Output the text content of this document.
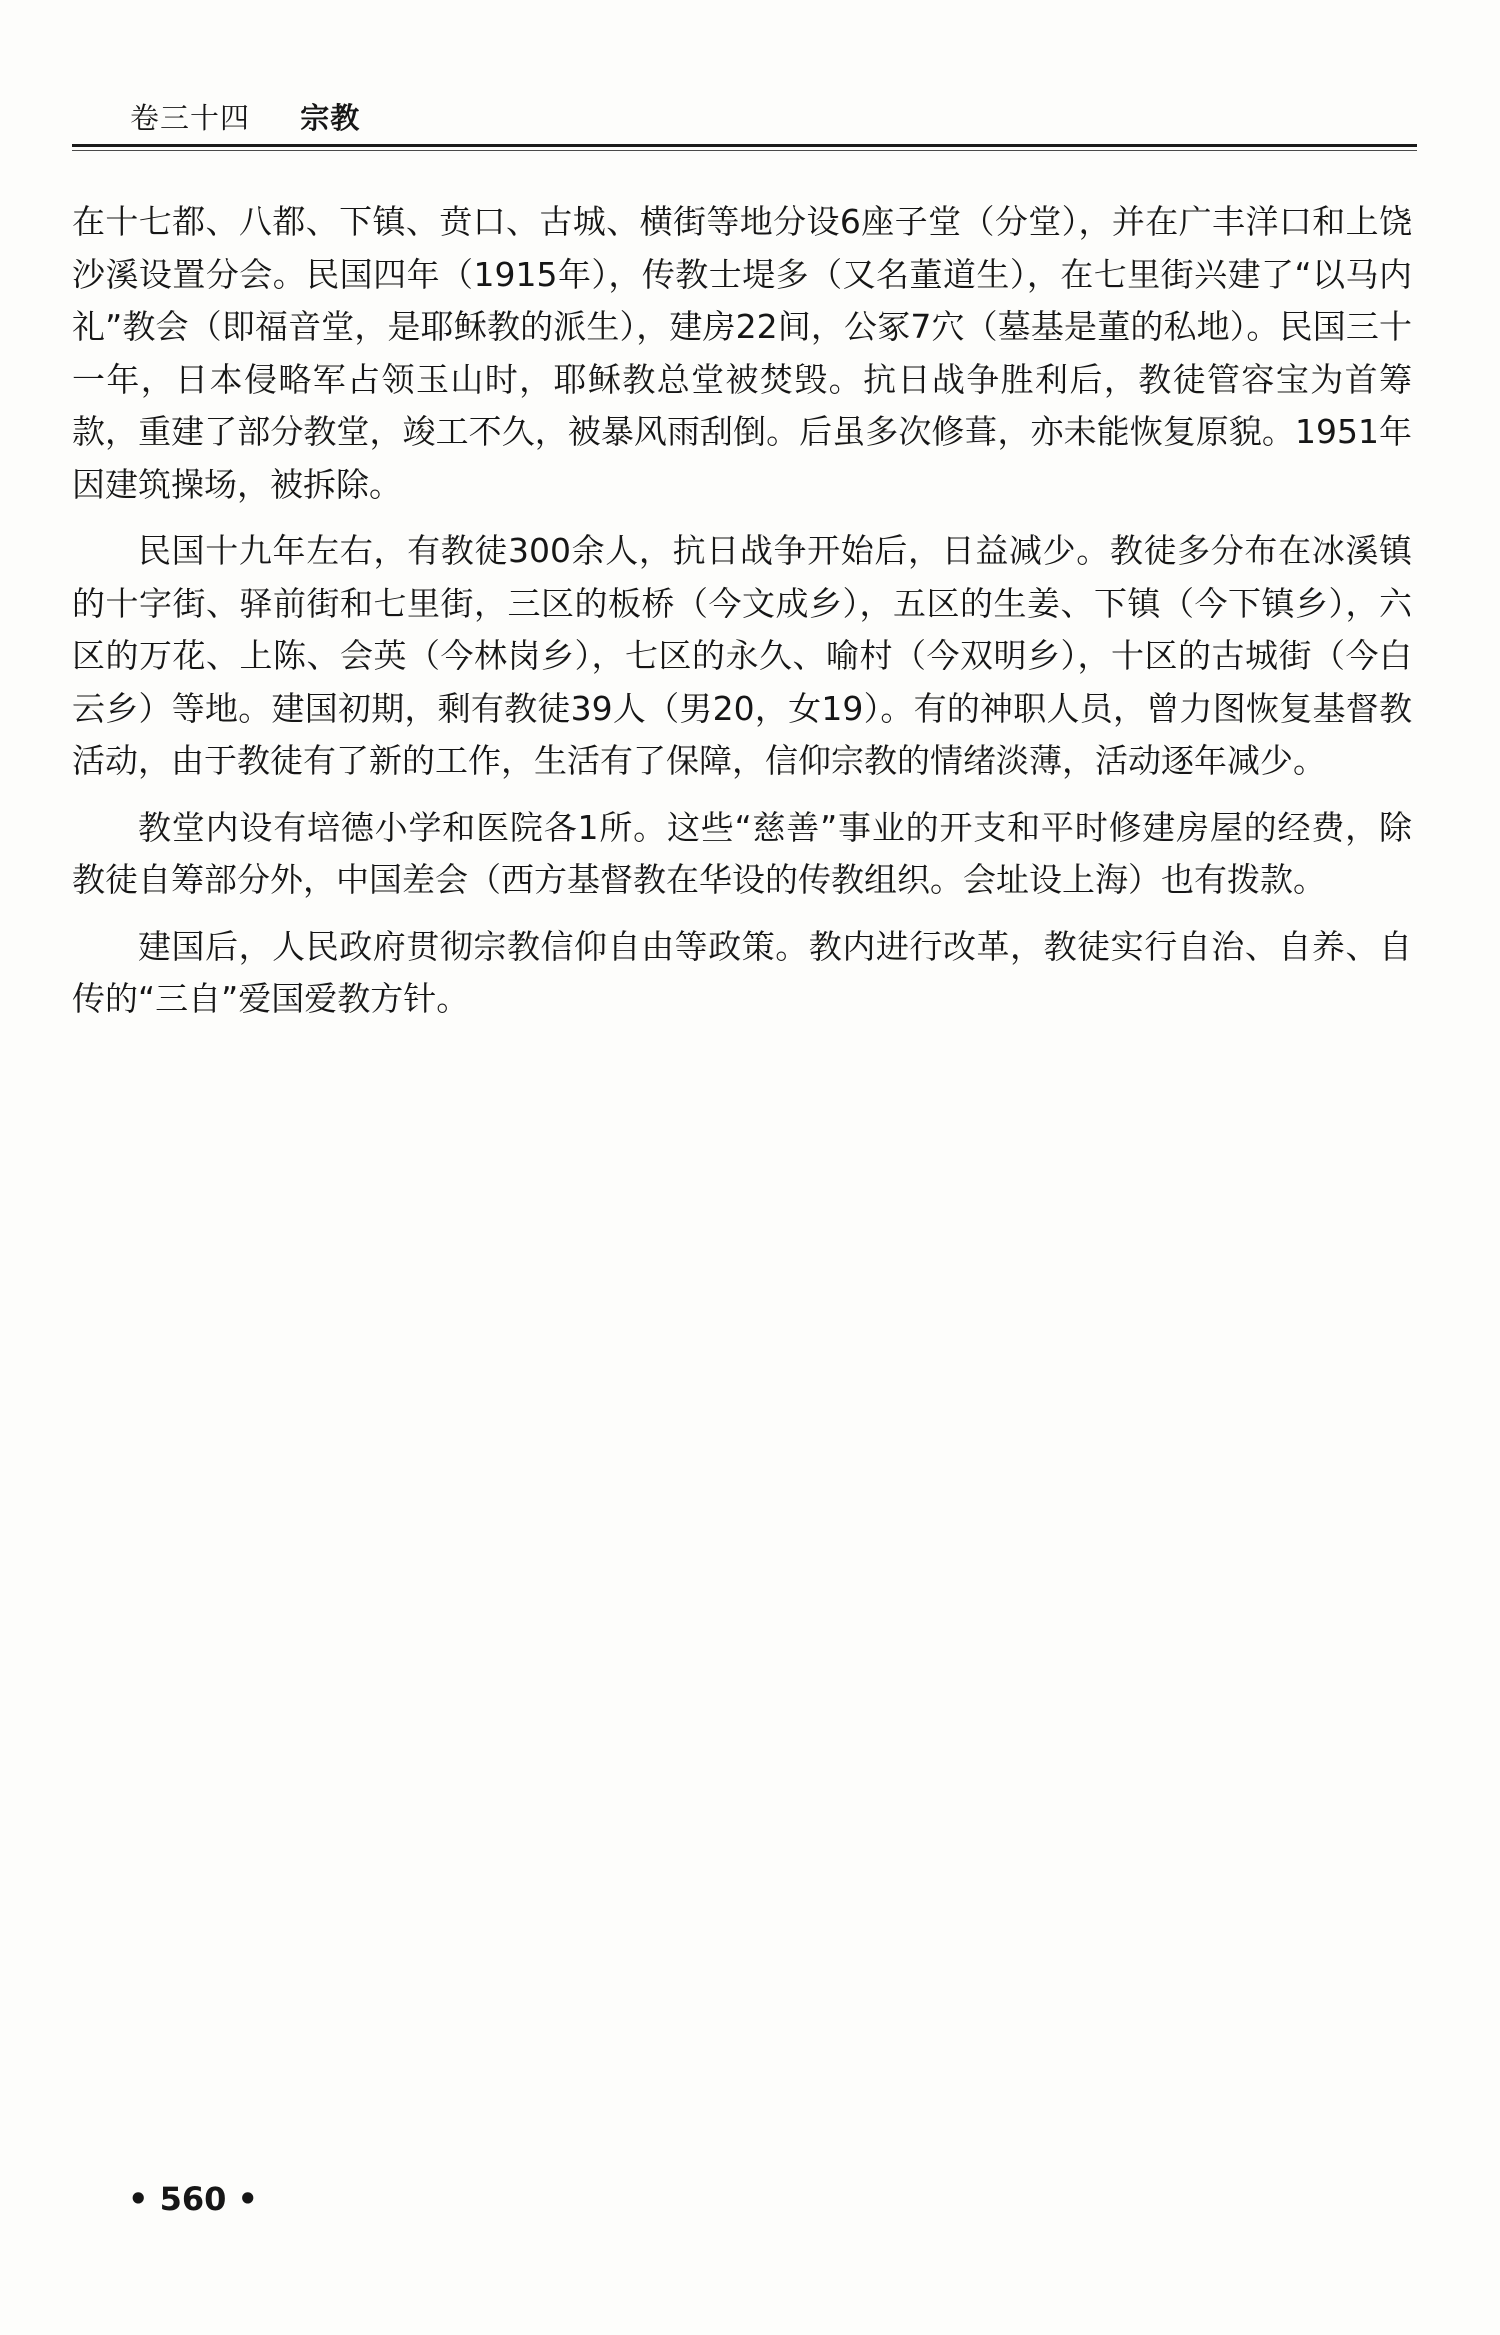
卷三十四 宗教

在十七都、八都、下镇、贲口、古城、横街等地分设6座子堂（分堂），并在广丰洋口和上饶沙溪设置分会。民国四年（1915年），传教士堤多（又名董道生），在七里街兴建了“以马内礼”教会（即福音堂，是耶稣教的派生），建房22间，公冢7穴（墓基是董的私地）。民国三十一年，日本侵略军占领玉山时，耶稣教总堂被焚毁。抗日战争胜利后，教徒管容宝为首筹款，重建了部分教堂，竣工不久，被暴风雨刮倒。后虽多次修葺，亦未能恢复原貌。1951年因建筑操场，被拆除。

民国十九年左右，有教徒300余人，抗日战争开始后，日益减少。教徒多分布在冰溪镇的十字街、驿前街和七里街，三区的板桥（今文成乡），五区的生姜、下镇（今下镇乡），六区的万花、上陈、会英（今林岗乡），七区的永久、喻村（今双明乡），十区的古城街（今白云乡）等地。建国初期，剩有教徒39人（男20，女19）。有的神职人员，曾力图恢复基督教活动，由于教徒有了新的工作，生活有了保障，信仰宗教的情绪淡薄，活动逐年减少。

教堂内设有培德小学和医院各1所。这些“慈善”事业的开支和平时修建房屋的经费，除教徒自筹部分外，中国差会（西方基督教在华设的传教组织。会址设上海）也有拨款。

建国后，人民政府贯彻宗教信仰自由等政策。教内进行改革，教徒实行自治、自养、自传的“三自”爱国爱教方针。

• 560 •
